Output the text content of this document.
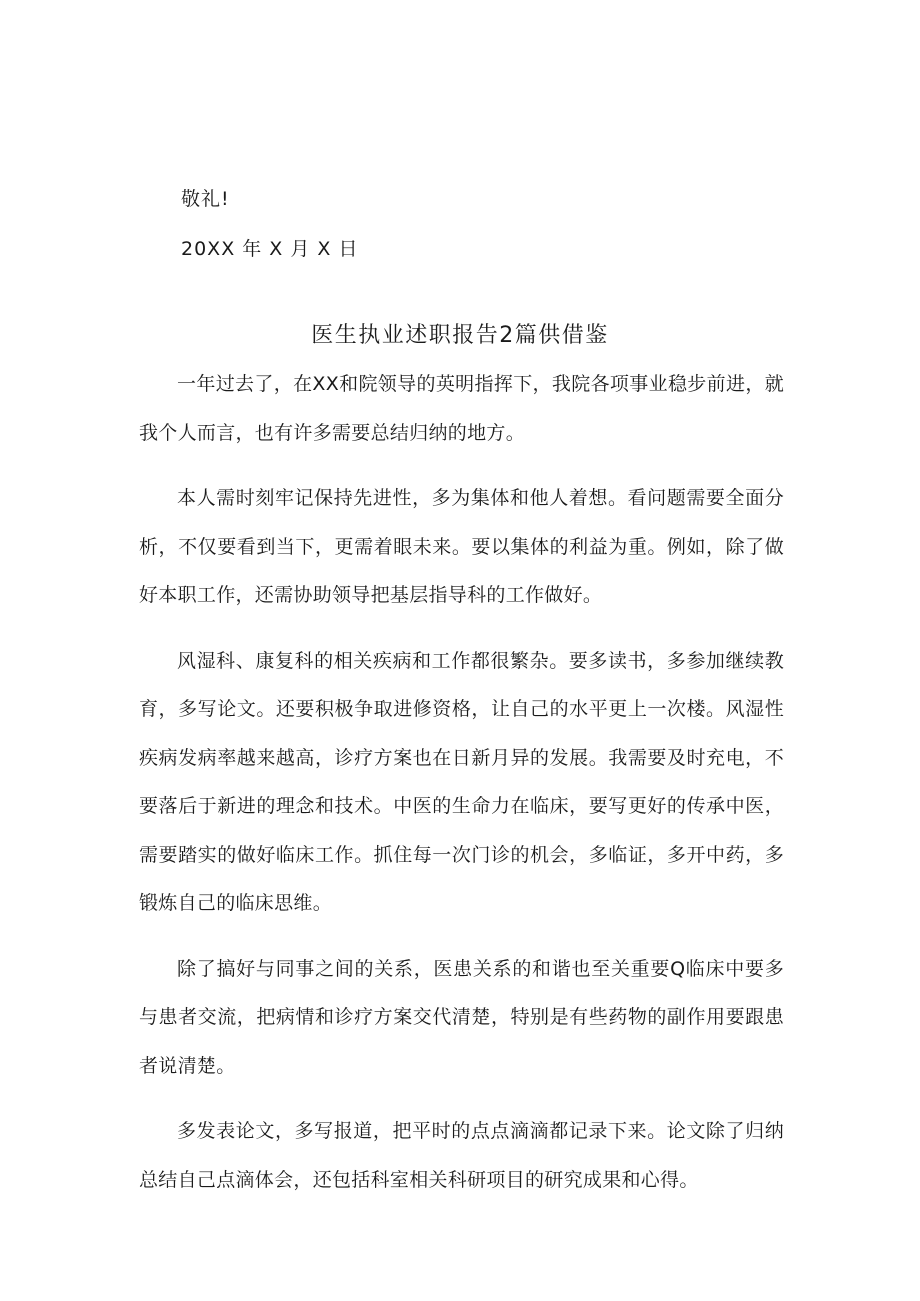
敬礼!

20XX 年 X 月 X 日

医生执业述职报告2篇供借鉴

一年过去了，在XX和院领导的英明指挥下，我院各项事业稳步前进，就我个人而言，也有许多需要总结归纳的地方。

本人需时刻牢记保持先进性，多为集体和他人着想。看问题需要全面分析，不仅要看到当下，更需着眼未来。要以集体的利益为重。例如，除了做好本职工作，还需协助领导把基层指导科的工作做好。

风湿科、康复科的相关疾病和工作都很繁杂。要多读书，多参加继续教育，多写论文。还要积极争取进修资格，让自己的水平更上一次楼。风湿性疾病发病率越来越高，诊疗方案也在日新月异的发展。我需要及时充电，不要落后于新进的理念和技术。中医的生命力在临床，要写更好的传承中医，需要踏实的做好临床工作。抓住每一次门诊的机会，多临证，多开中药，多锻炼自己的临床思维。

除了搞好与同事之间的关系，医患关系的和谐也至关重要Q临床中要多与患者交流，把病情和诊疗方案交代清楚，特别是有些药物的副作用要跟患者说清楚。

多发表论文，多写报道，把平时的点点滴滴都记录下来。论文除了归纳总结自己点滴体会，还包括科室相关科研项目的研究成果和心得。
